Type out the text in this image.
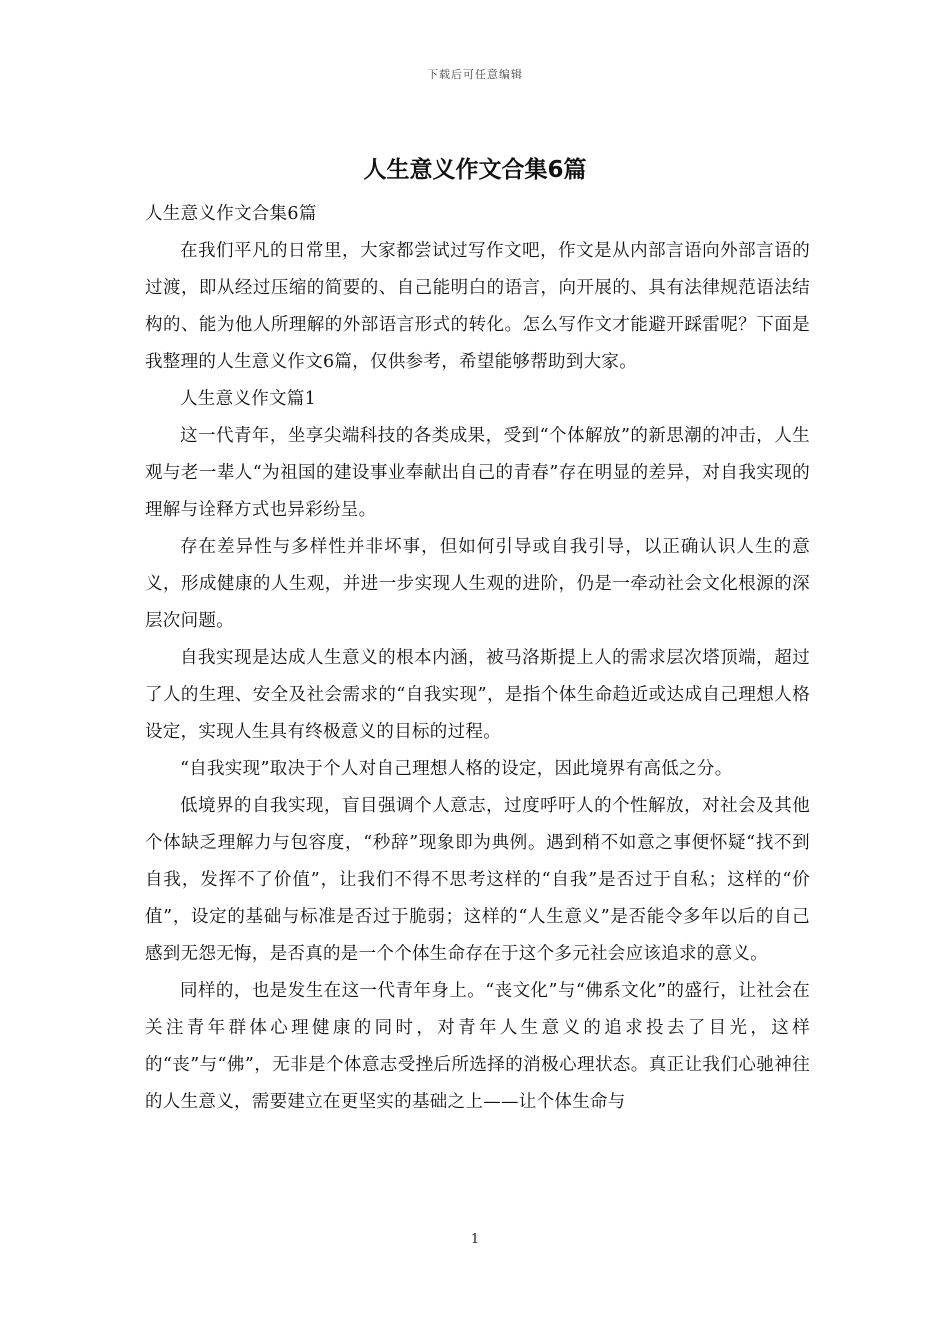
下载后可任意编辑
人生意义作文合集6篇

人生意义作文合集6篇

在我们平凡的日常里，大家都尝试过写作文吧，作文是从内部言语向外部言语的过渡，即从经过压缩的简要的、自己能明白的语言，向开展的、具有法律规范语法结构的、能为他人所理解的外部语言形式的转化。怎么写作文才能避开踩雷呢？下面是我整理的人生意义作文6篇，仅供参考，希望能够帮助到大家。

人生意义作文篇1

这一代青年，坐享尖端科技的各类成果，受到“个体解放”的新思潮的冲击，人生观与老一辈人“为祖国的建设事业奉献出自己的青春”存在明显的差异，对自我实现的理解与诠释方式也异彩纷呈。

存在差异性与多样性并非坏事，但如何引导或自我引导，以正确认识人生的意义，形成健康的人生观，并进一步实现人生观的进阶，仍是一牵动社会文化根源的深层次问题。

自我实现是达成人生意义的根本内涵，被马洛斯提上人的需求层次塔顶端，超过了人的生理、安全及社会需求的“自我实现”，是指个体生命趋近或达成自己理想人格设定，实现人生具有终极意义的目标的过程。

“自我实现”取决于个人对自己理想人格的设定，因此境界有高低之分。

低境界的自我实现，盲目强调个人意志，过度呼吁人的个性解放，对社会及其他个体缺乏理解力与包容度，“秒辞”现象即为典例。遇到稍不如意之事便怀疑“找不到自我，发挥不了价值”，让我们不得不思考这样的“自我”是否过于自私；这样的“价值”，设定的基础与标准是否过于脆弱；这样的“人生意义”是否能令多年以后的自己感到无怨无悔，是否真的是一个个体生命存在于这个多元社会应该追求的意义。

同样的，也是发生在这一代青年身上。“丧文化”与“佛系文化”的盛行，让社会在关注青年群体心理健康的同时，对青年人生意义的追求投去了目光，这样的“丧”与“佛”，无非是个体意志受挫后所选择的消极心理状态。真正让我们心驰神往的人生意义，需要建立在更坚实的基础之上——让个体生命与

1
